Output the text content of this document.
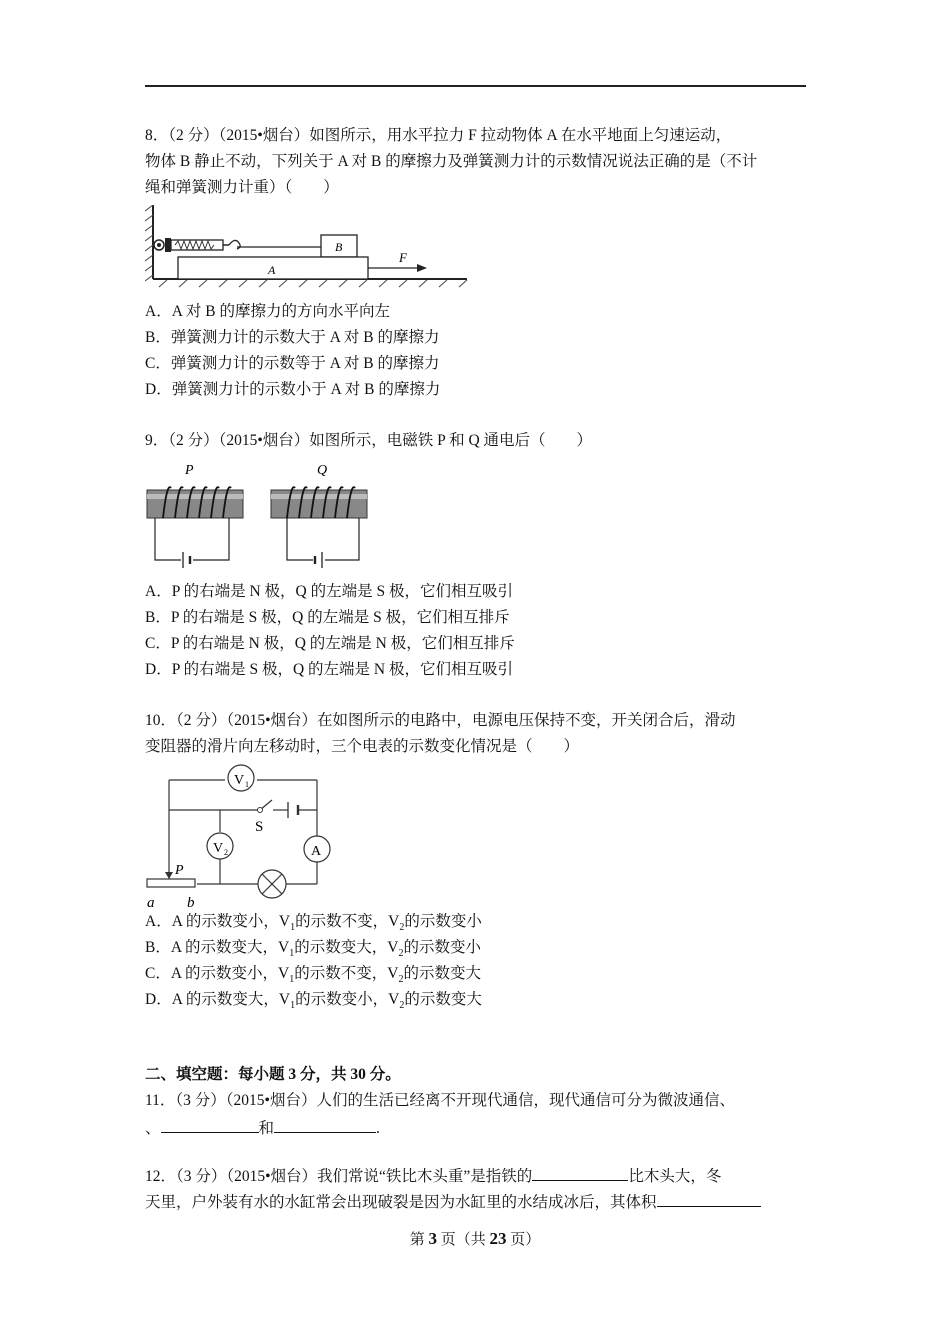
8．（2 分）（2015•烟台）如图所示，用水平拉力 F 拉动物体 A 在水平地面上匀速运动，
物体 B 静止不动，下列关于 A 对 B 的摩擦力及弹簧测力计的示数情况说法正确的是（不计
绳和弹簧测力计重）（　　）
B
A
F
A．A 对 B 的摩擦力的方向水平向左
B．弹簧测力计的示数大于 A 对 B 的摩擦力
C．弹簧测力计的示数等于 A 对 B 的摩擦力
D．弹簧测力计的示数小于 A 对 B 的摩擦力
9．（2 分）（2015•烟台）如图所示，电磁铁 P 和 Q 通电后（　　）
P	Q
A．P 的右端是 N 极，Q 的左端是 S 极，它们相互吸引
B．P 的右端是 S 极，Q 的左端是 S 极，它们相互排斥
C．P 的右端是 N 极，Q 的左端是 N 极，它们相互排斥
D．P 的右端是 S 极，Q 的左端是 N 极，它们相互吸引
10．（2 分）（2015•烟台）在如图所示的电路中，电源电压保持不变，开关闭合后，滑动
变阻器的滑片向左移动时，三个电表的示数变化情况是（　　）
V 1
V 2	A
S
P
a b
A．A 的示数变小，$V_1$的示数不变，$V_2$的示数变小
B．A 的示数变大，$V_1$的示数变大，$V_2$的示数变小
C．A 的示数变小，$V_1$的示数不变，$V_2$的示数变大
D．A 的示数变大，$V_1$的示数变小，$V_2$的示数变大
二、填空题：每小题 3 分，共 30 分。
11．（3 分）（2015•烟台）人们的生活已经离不开现代通信，现代通信可分为微波通信、
、	和	.
12．（3 分）（2015•烟台）我们常说“铁比木头重”是指铁的	比木头大，冬
天里，户外装有水的水缸常会出现破裂是因为水缸里的水结成冰后，其体积
第 3 页（共 23 页）
